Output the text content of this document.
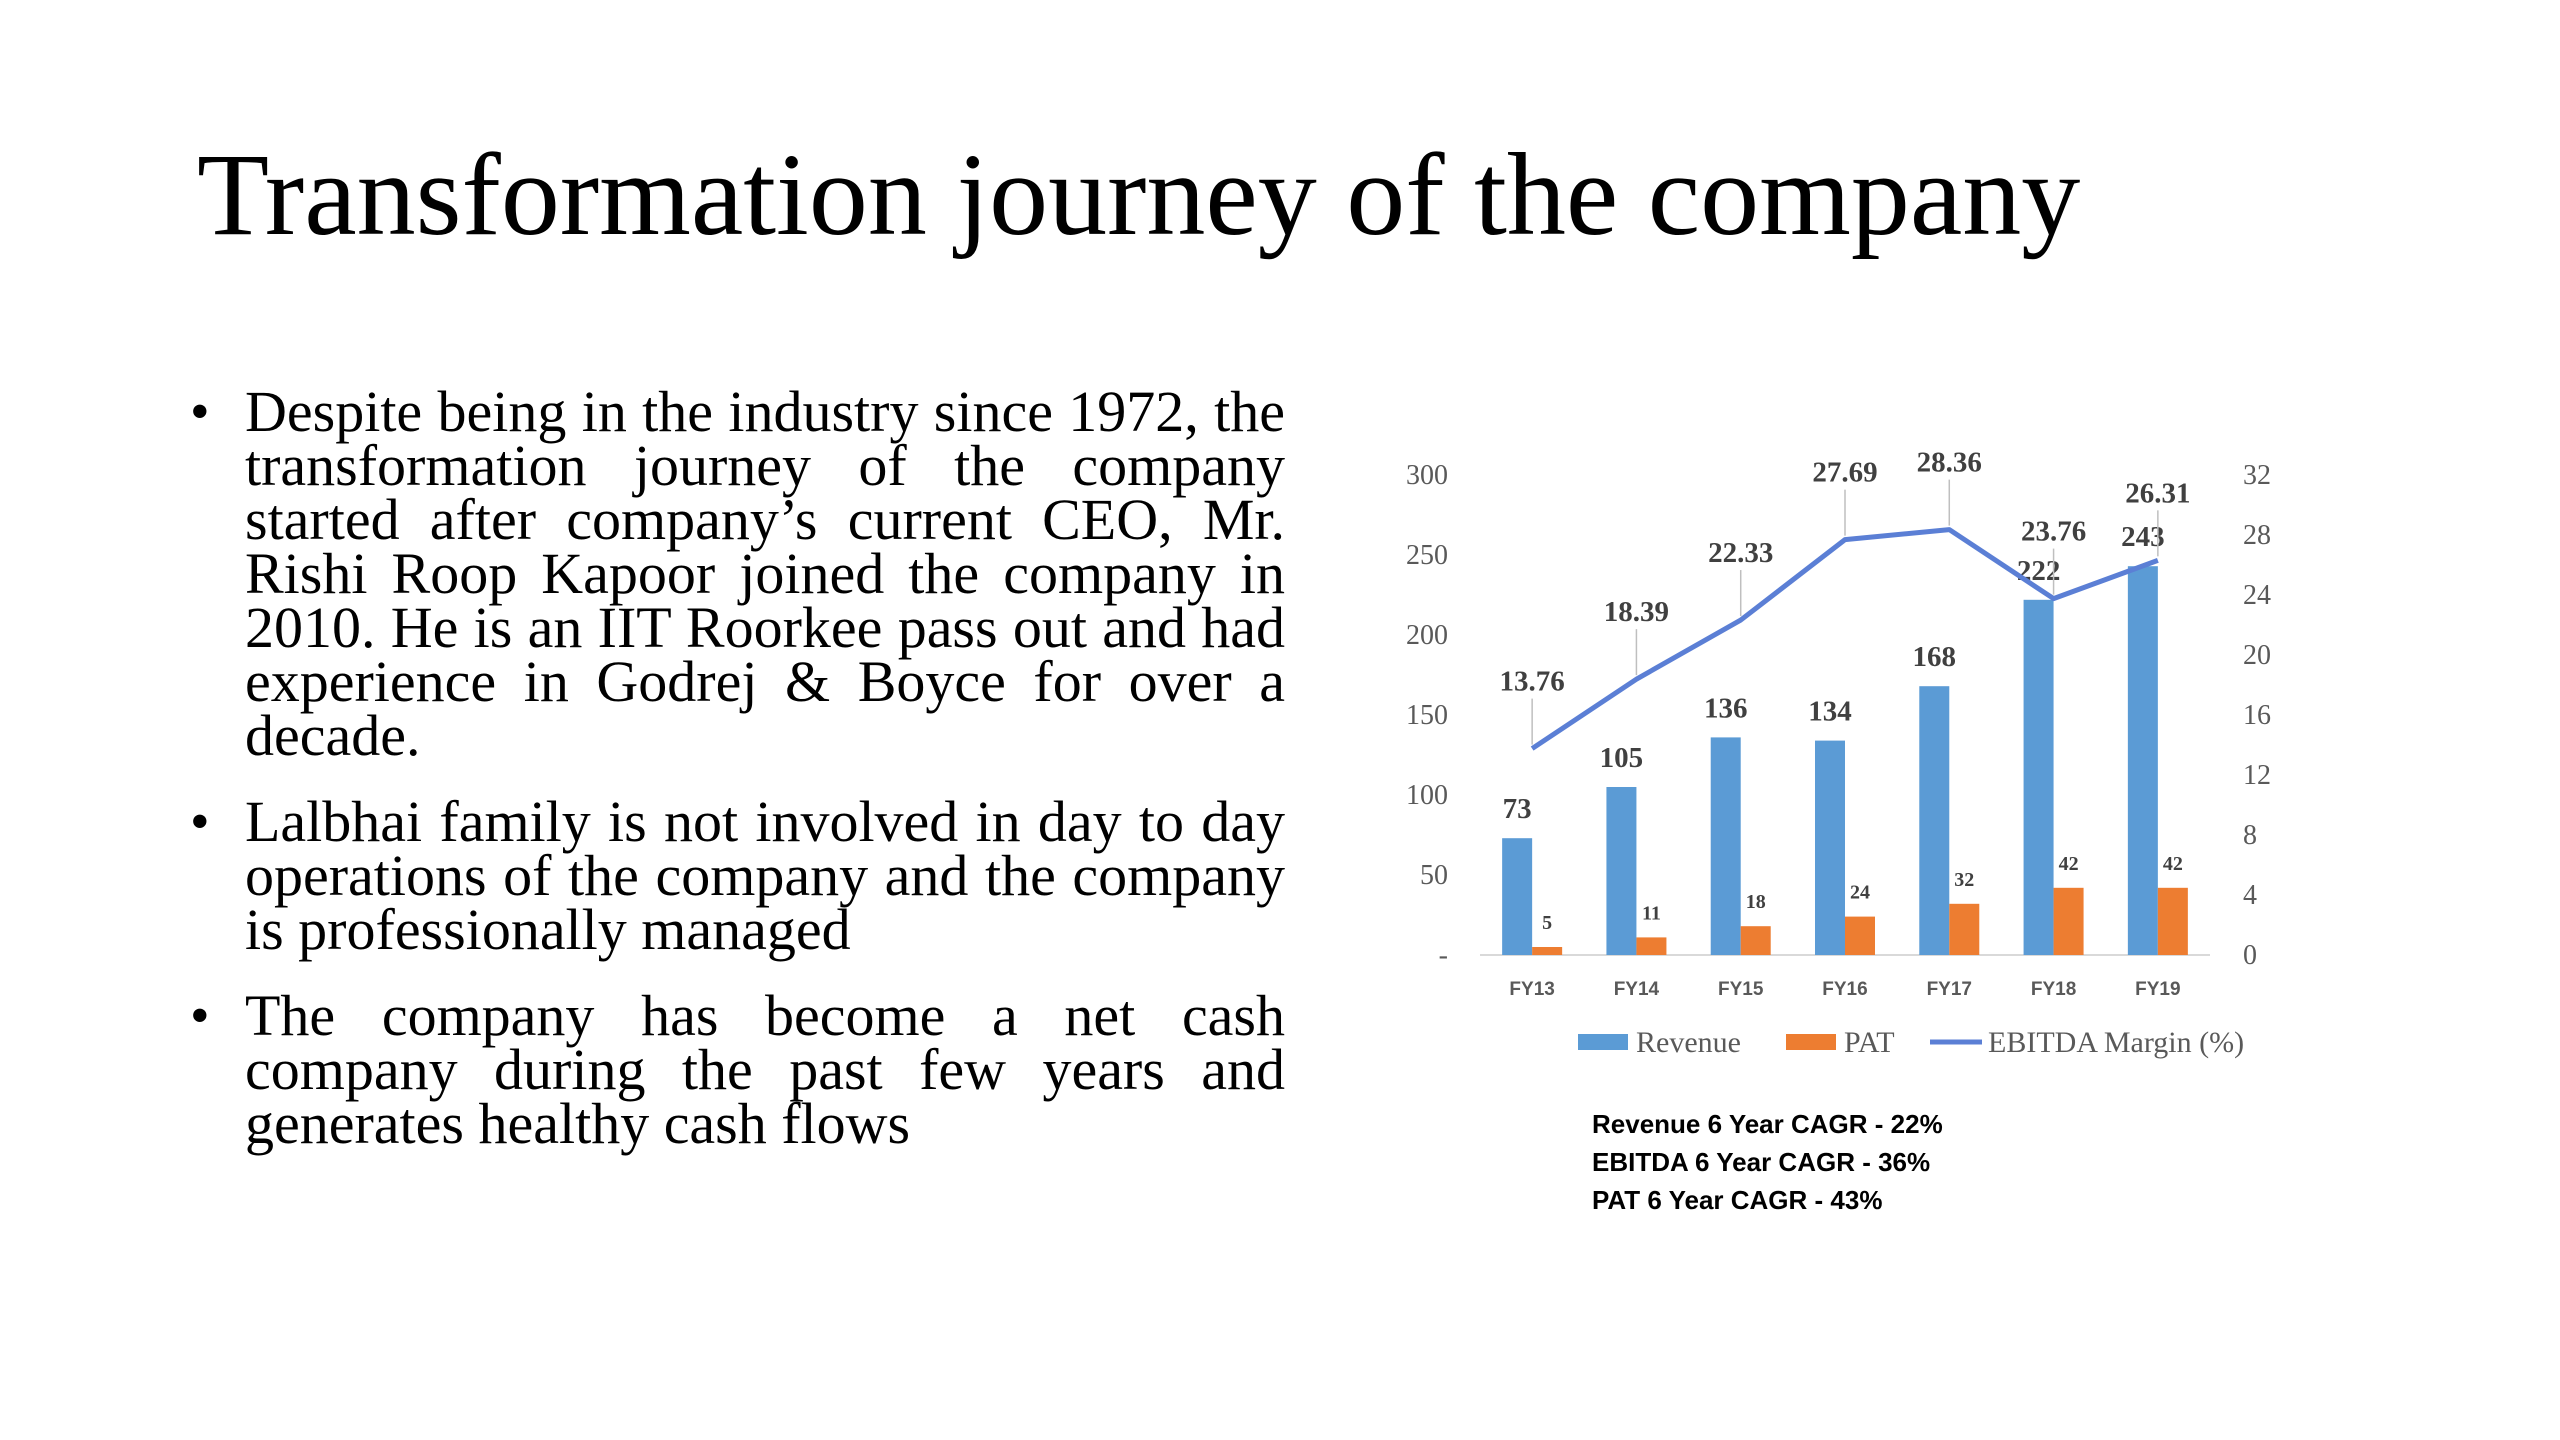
Transformation journey of the company
• Despite being in the industry since 1972, the transformation journey of the company started after company’s current CEO, Mr. Rishi Roop Kapoor joined the company in 2010. He is an IIT Roorkee pass out and had experience in Godrej & Boyce for over a decade.
• Lalbhai family is not involved in day to day operations of the company and the company is professionally managed
• The company has become a net cash company during the past few years and generates healthy cash flows
-
50
100
150
200
250
300
0
4
8
12
16
20
24
28
32
FY13
73
5
FY14
105
11
FY15
136
18
FY16
134
24
FY17
168
32
FY18
222
42
FY19
243
42
13.76
18.39
22.33
27.69 28.36
23.76
26.31
Revenue	PAT	EBITDA Margin (%)
Revenue 6 Year CAGR - 22%
EBITDA 6 Year CAGR - 36%
PAT 6 Year CAGR - 43%
